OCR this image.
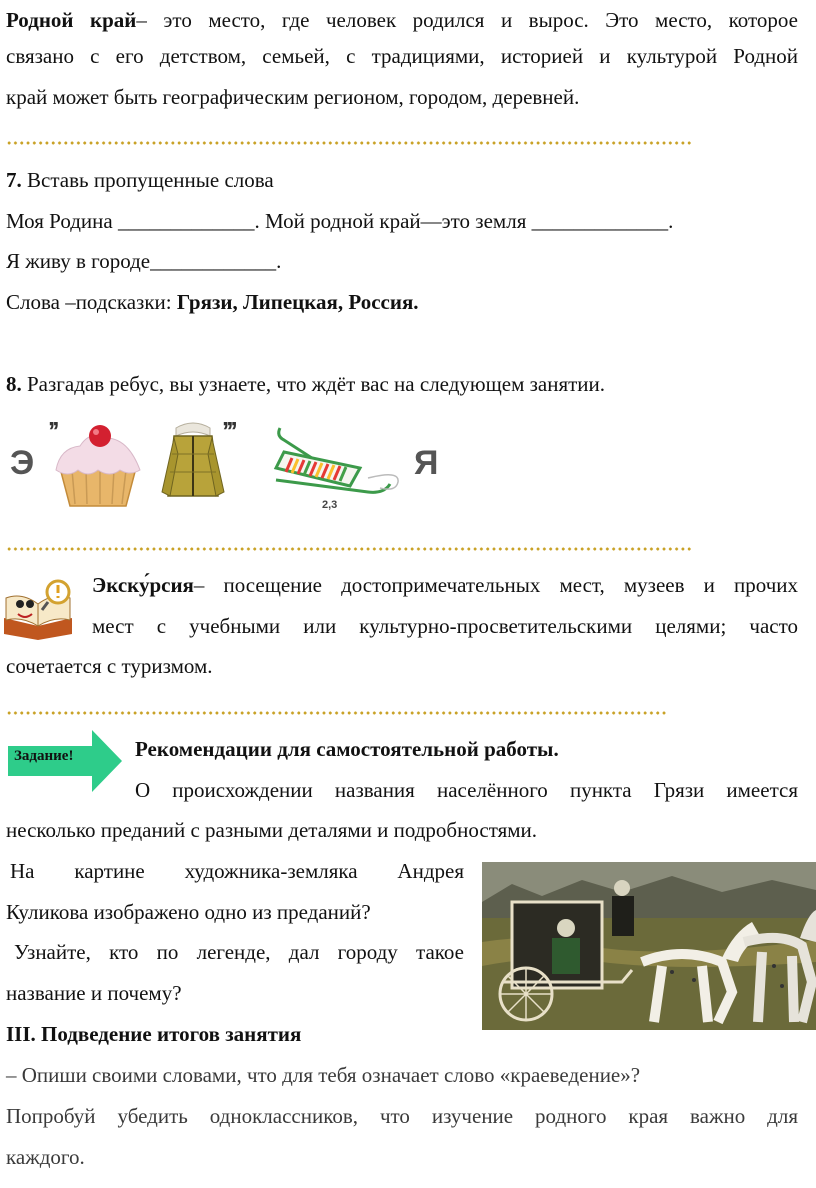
Родной край– это место, где человек родился и вырос. Это место, которое

связано с его детством, семьей, с традициями, историей и культурой Родной

край может быть географическим регионом, городом, деревней.

7. Вставь пропущенные слова

Моя Родина _____________. Мой родной край—это земля _____________.

Я живу в городе____________.

Слова –подсказки: Грязи, Липецкая, Россия.

8. Разгадав ребус, вы узнаете, что ждёт вас на следующем занятии.

Э
’’	’’’
2,3
Я

Экску́рсия– посещение достопримечательных мест, музеев и прочих

мест с учебными или культурно-просветительскими целями; часто

сочетается с туризмом.

Задание!	Рекомендации для самостоятельной работы.

О происхождении названия населённого пункта Грязи имеется

несколько преданий с разными деталями и подробностями.

На картине художника-земляка Андрея

Куликова изображено одно из преданий?

Узнайте, кто по легенде, дал городу такое

название и почему?

III. Подведение итогов занятия

– Опиши своими словами, что для тебя означает слово «краеведение»?

Попробуй убедить одноклассников, что изучение родного края важно для

каждого.
